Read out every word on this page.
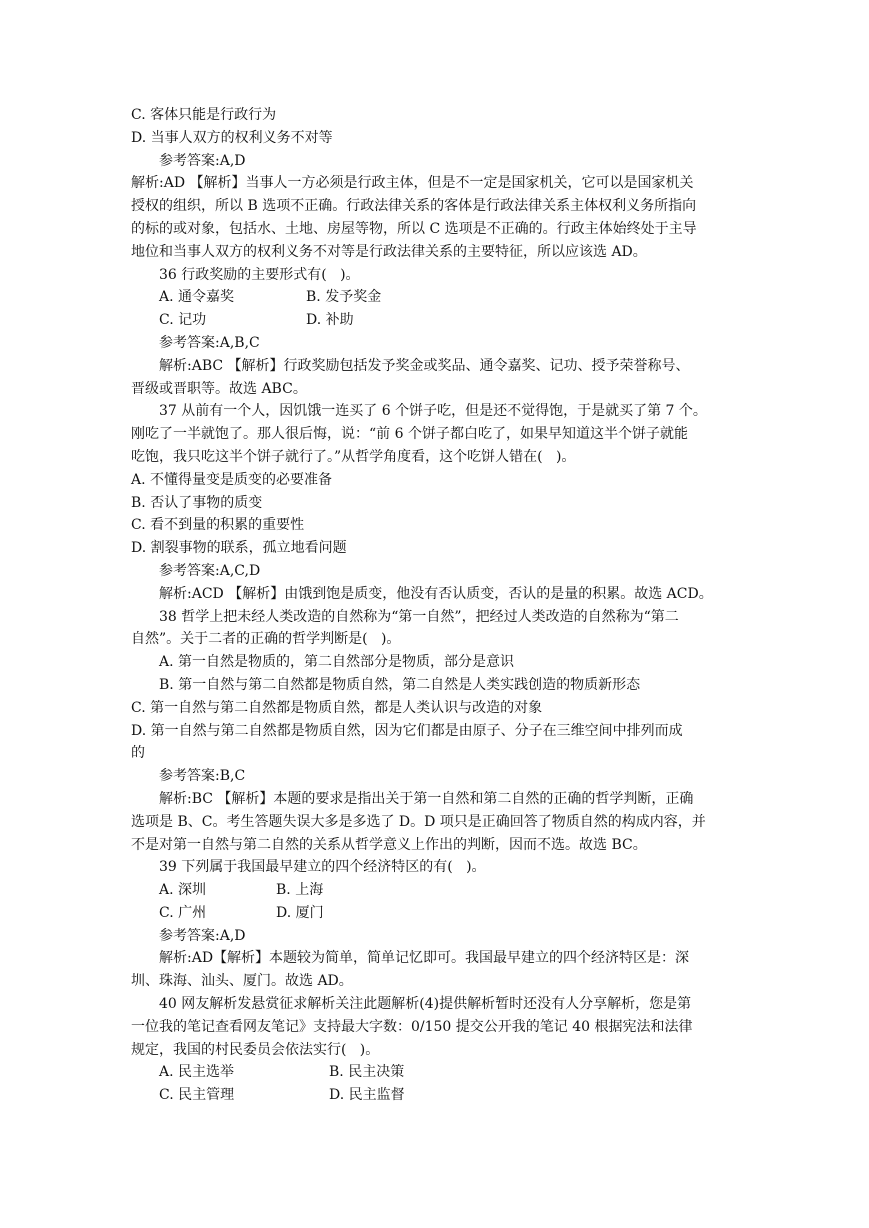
C. 客体只能是行政行为

D. 当事人双方的权利义务不对等

参考答案:A,D

解析:AD 【解析】当事人一方必须是行政主体，但是不一定是国家机关，它可以是国家机关

授权的组织，所以 B 选项不正确。行政法律关系的客体是行政法律关系主体权利义务所指向

的标的或对象，包括水、土地、房屋等物，所以 C 选项是不正确的。行政主体始终处于主导

地位和当事人双方的权利义务不对等是行政法律关系的主要特征，所以应该选 AD。

36 行政奖励的主要形式有(   )。

A. 通令嘉奖	B. 发予奖金
C. 记功	D. 补助

参考答案:A,B,C

解析:ABC 【解析】行政奖励包括发予奖金或奖品、通令嘉奖、记功、授予荣誉称号、

晋级或晋职等。故选 ABC。

37 从前有一个人，因饥饿一连买了 6 个饼子吃，但是还不觉得饱，于是就买了第 7 个。

刚吃了一半就饱了。那人很后悔，说：“前 6 个饼子都白吃了，如果早知道这半个饼子就能

吃饱，我只吃这半个饼子就行了。”从哲学角度看，这个吃饼人错在(   )。

A. 不懂得量变是质变的必要准备

B. 否认了事物的质变

C. 看不到量的积累的重要性

D. 割裂事物的联系，孤立地看问题

参考答案:A,C,D

解析:ACD 【解析】由饿到饱是质变，他没有否认质变，否认的是量的积累。故选 ACD。

38 哲学上把未经人类改造的自然称为“第一自然”，把经过人类改造的自然称为“第二

自然”。关于二者的正确的哲学判断是(   )。

A. 第一自然是物质的，第二自然部分是物质，部分是意识

B. 第一自然与第二自然都是物质自然，第二自然是人类实践创造的物质新形态

C. 第一自然与第二自然都是物质自然，都是人类认识与改造的对象

D. 第一自然与第二自然都是物质自然，因为它们都是由原子、分子在三维空间中排列而成

的

参考答案:B,C

解析:BC 【解析】本题的要求是指出关于第一自然和第二自然的正确的哲学判断，正确

选项是 B、C。考生答题失误大多是多选了 D。D 项只是正确回答了物质自然的构成内容，并

不是对第一自然与第二自然的关系从哲学意义上作出的判断，因而不选。故选 BC。

39 下列属于我国最早建立的四个经济特区的有(   )。

A. 深圳	B. 上海
C. 广州	D. 厦门

参考答案:A,D

解析:AD【解析】本题较为简单，简单记忆即可。我国最早建立的四个经济特区是：深

圳、珠海、汕头、厦门。故选 AD。

40 网友解析发悬赏征求解析关注此题解析(4)提供解析暂时还没有人分享解析，您是第

一位我的笔记查看网友笔记》支持最大字数：0/150 提交公开我的笔记 40 根据宪法和法律

规定，我国的村民委员会依法实行(   )。

A. 民主选举	B. 民主决策
C. 民主管理	D. 民主监督
